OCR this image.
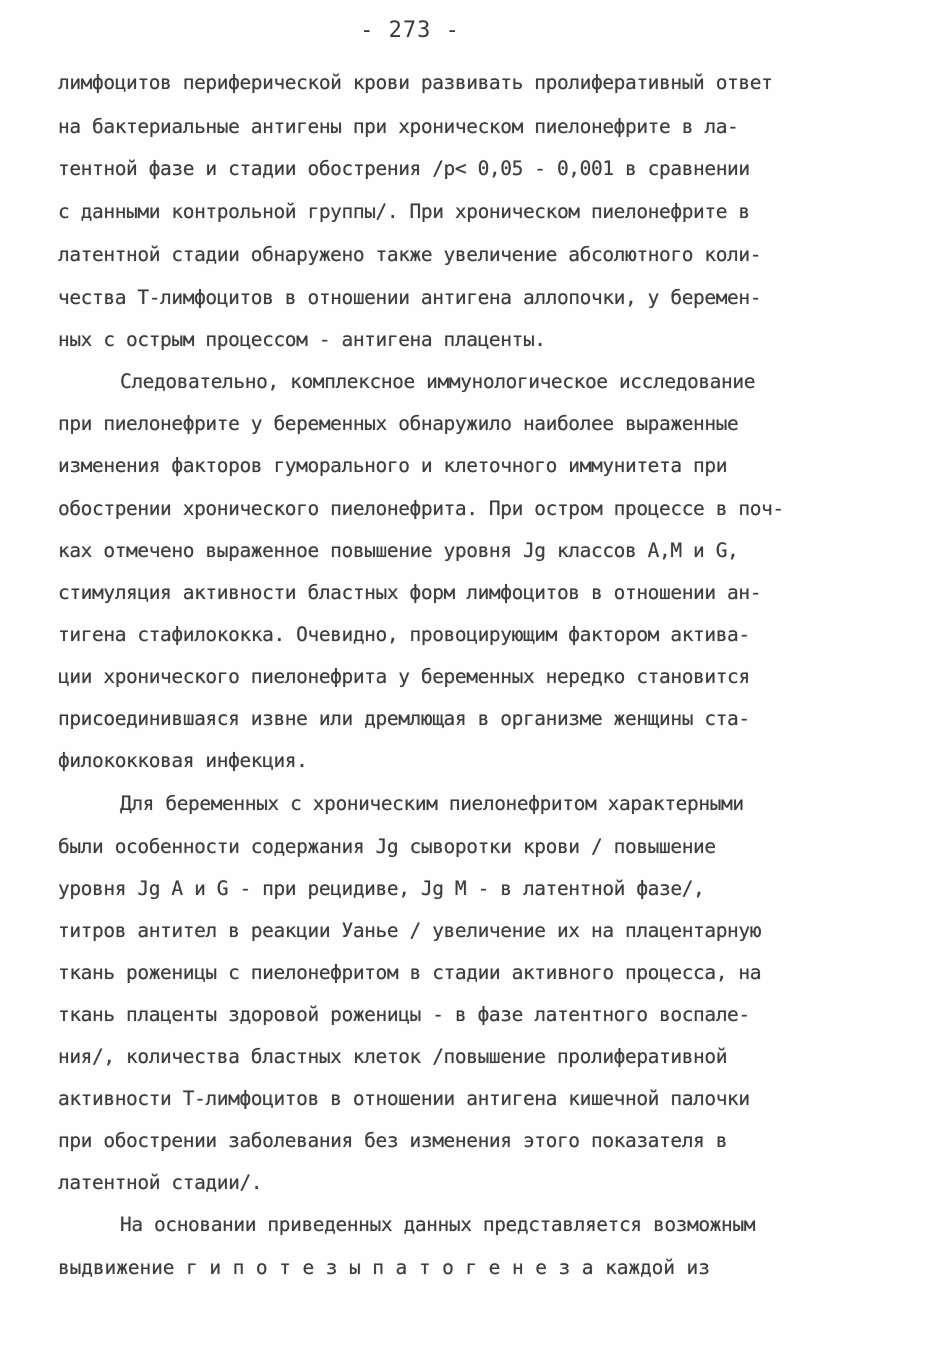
- 273 -
лимфоцитов периферической крови развивать пролиферативный ответ
на бактериальные антигены при хроническом пиелонефрите в ла-
тентной фазе и стадии обострения /р< 0,05 - 0,001 в сравнении
с данными контрольной группы/. При хроническом пиелонефрите в
латентной стадии обнаружено также увеличение абсолютного коли-
чества Т-лимфоцитов в отношении антигена аллопочки, у беремен-
ных с острым процессом - антигена плаценты.
Следовательно, комплексное иммунологическое исследование
при пиелонефрите у беременных обнаружило наиболее выраженные
изменения факторов гуморального и клеточного иммунитета при
обострении хронического пиелонефрита. При остром процессе в поч-
ках отмечено выраженное повышение уровня Jg классов А,М и G,
стимуляция активности бластных форм лимфоцитов в отношении ан-
тигена стафилококка. Очевидно, провоцирующим фактором актива-
ции хронического пиелонефрита у беременных нередко становится
присоединившаяся извне или дремлющая в организме женщины ста-
филококковая инфекция.
Для беременных с хроническим пиелонефритом характерными
были особенности содержания Jg сыворотки крови / повышение
уровня Jg А и G - при рецидиве, Jg М - в латентной фазе/,
титров антител в реакции Уанье / увеличение их на плацентарную
ткань роженицы с пиелонефритом в стадии активного процесса, на
ткань плаценты здоровой роженицы - в фазе латентного воспале-
ния/, количества бластных клеток /повышение пролиферативной
активности Т-лимфоцитов в отношении антигена кишечной палочки
при обострении заболевания без изменения этого показателя в
латентной стадии/.
На основании приведенных данных представляется возможным
выдвижение г и п о т е з ы п а т о г е н е з а каждой из
